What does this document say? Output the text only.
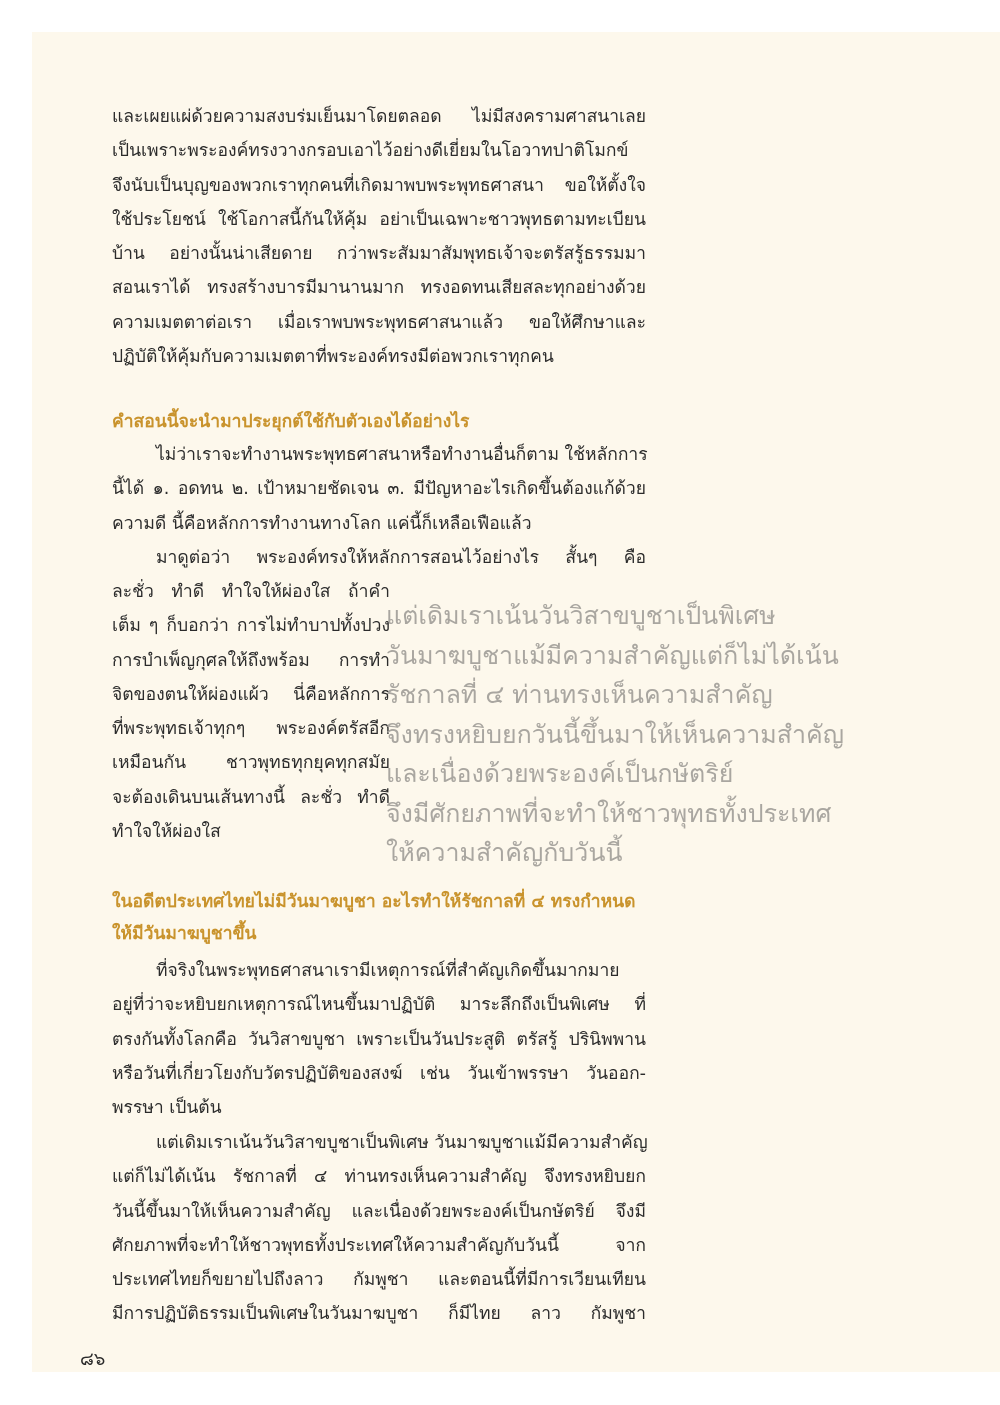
และเผยแผ่ด้วยความสงบร่มเย็นมาโดยตลอด ไม่มีสงครามศาสนาเลย
เป็นเพราะพระองค์ทรงวางกรอบเอาไว้อย่างดีเยี่ยมในโอวาทปาติโมกข์
จึงนับเป็นบุญของพวกเราทุกคนที่เกิดมาพบพระพุทธศาสนา ขอให้ตั้งใจ
ใช้ประโยชน์ ใช้โอกาสนี้กันให้คุ้ม อย่าเป็นเฉพาะชาวพุทธตามทะเบียน
บ้าน อย่างนั้นน่าเสียดาย กว่าพระสัมมาสัมพุทธเจ้าจะตรัสรู้ธรรมมา
สอนเราได้ ทรงสร้างบารมีมานานมาก ทรงอดทนเสียสละทุกอย่างด้วย
ความเมตตาต่อเรา เมื่อเราพบพระพุทธศาสนาแล้ว ขอให้ศึกษาและ
ปฏิบัติให้คุ้มกับความเมตตาที่พระองค์ทรงมีต่อพวกเราทุกคน

คำสอนนี้จะนำมาประยุกต์ใช้กับตัวเองได้อย่างไร

ไม่ว่าเราจะทำงานพระพุทธศาสนาหรือทำงานอื่นก็ตาม ใช้หลักการ
นี้ได้ ๑. อดทน ๒. เป้าหมายชัดเจน ๓. มีปัญหาอะไรเกิดขึ้นต้องแก้ด้วย
ความดี นี้คือหลักการทำงานทางโลก แค่นี้ก็เหลือเฟือแล้ว

มาดูต่อว่า พระองค์ทรงให้หลักการสอนไว้อย่างไร สั้นๆ คือ

ละชั่ว ทำดี ทำใจให้ผ่องใส ถ้าคำ
เต็ม ๆ ก็บอกว่า การไม่ทำบาปทั้งปวง
การบำเพ็ญกุศลให้ถึงพร้อม การทำ
จิตของตนให้ผ่องแผ้ว นี่คือหลักการ
ที่พระพุทธเจ้าทุกๆ พระองค์ตรัสอีก
เหมือนกัน ชาวพุทธทุกยุคทุกสมัย
จะต้องเดินบนเส้นทางนี้ ละชั่ว ทำดี
ทำใจให้ผ่องใส

แต่เดิมเราเน้นวันวิสาขบูชาเป็นพิเศษ
วันมาฆบูชาแม้มีความสำคัญแต่ก็ไม่ได้เน้น
รัชกาลที่ ๔ ท่านทรงเห็นความสำคัญ
จึงทรงหยิบยกวันนี้ขึ้นมาให้เห็นความสำคัญ
และเนื่องด้วยพระองค์เป็นกษัตริย์
จึงมีศักยภาพที่จะทำให้ชาวพุทธทั้งประเทศ
ให้ความสำคัญกับวันนี้
ในอดีตประเทศไทยไม่มีวันมาฆบูชา อะไรทำให้รัชกาลที่ ๔ ทรงกำหนด
ให้มีวันมาฆบูชาขึ้น

ที่จริงในพระพุทธศาสนาเรามีเหตุการณ์ที่สำคัญเกิดขึ้นมากมาย
อยู่ที่ว่าจะหยิบยกเหตุการณ์ไหนขึ้นมาปฏิบัติ มาระลึกถึงเป็นพิเศษ ที่
ตรงกันทั้งโลกคือ วันวิสาขบูชา เพราะเป็นวันประสูติ ตรัสรู้ ปรินิพพาน
หรือวันที่เกี่ยวโยงกับวัตรปฏิบัติของสงฆ์ เช่น วันเข้าพรรษา วันออก-
พรรษา เป็นต้น

แต่เดิมเราเน้นวันวิสาขบูชาเป็นพิเศษ วันมาฆบูชาแม้มีความสำคัญ
แต่ก็ไม่ได้เน้น รัชกาลที่ ๔ ท่านทรงเห็นความสำคัญ จึงทรงหยิบยก
วันนี้ขึ้นมาให้เห็นความสำคัญ และเนื่องด้วยพระองค์เป็นกษัตริย์ จึงมี
ศักยภาพที่จะทำให้ชาวพุทธทั้งประเทศให้ความสำคัญกับวันนี้ จาก
ประเทศไทยก็ขยายไปถึงลาว กัมพูชา และตอนนี้ที่มีการเวียนเทียน
มีการปฏิบัติธรรมเป็นพิเศษในวันมาฆบูชา ก็มีไทย ลาว กัมพูชา

๘๖
